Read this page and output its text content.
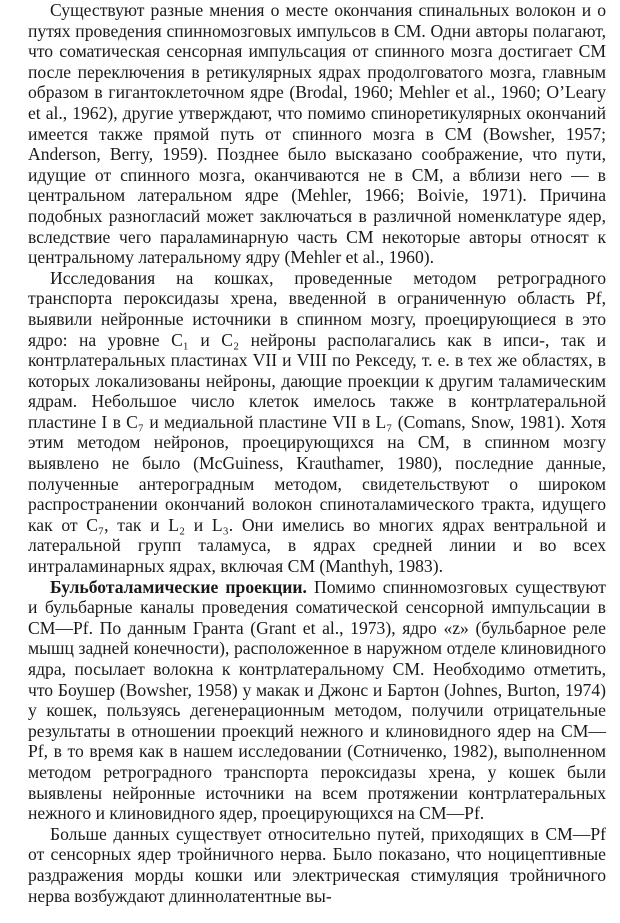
Существуют разные мнения о месте окончания спинальных волокон и о путях проведения спинномозговых импульсов в СМ. Одни авторы полагают, что соматическая сенсорная импульсация от спинного мозга достигает СМ после переключения в ретикулярных ядрах продолговатого мозга, главным образом в гигантоклеточном ядре (Brodal, 1960; Mehler et al., 1960; O’Leary et al., 1962), другие утверждают, что помимо спиноретикулярных окончаний имеется также прямой путь от спинного мозга в СМ (Bowsher, 1957; Anderson, Berry, 1959). Позднее было высказано соображение, что пути, идущие от спинного мозга, оканчиваются не в СМ, а вблизи него — в центральном латеральном ядре (Mehler, 1966; Boivie, 1971). Причина подобных разногласий может заключаться в различной номенклатуре ядер, вследствие чего параламинарную часть СМ некоторые авторы относят к центральному латеральному ядру (Mehler et al., 1960).

Исследования на кошках, проведенные методом ретроградного транспорта пероксидазы хрена, введенной в ограниченную область Pf, выявили нейронные источники в спинном мозгу, проецирующиеся в это ядро: на уровне C₁ и C₂ нейроны располагались как в ипси-, так и контрлатеральных пластинах VII и VIII по Рекседу, т. е. в тех же областях, в которых локализованы нейроны, дающие проекции к другим таламическим ядрам. Небольшое число клеток имелось также в контрлатеральной пластине I в C₇ и медиальной пластине VII в L₇ (Comans, Snow, 1981). Хотя этим методом нейронов, проецирующихся на СМ, в спинном мозгу выявлено не было (McGuiness, Krauthamer, 1980), последние данные, полученные антероградным методом, свидетельствуют о широком распространении окончаний волокон спиноталамического тракта, идущего как от C₇, так и L₂ и L₃. Они имелись во многих ядрах вентральной и латеральной групп таламуса, в ядрах средней линии и во всех интраламинарных ядрах, включая СМ (Manthyh, 1983).

Бульботаламические проекции. Помимо спинномозговых существуют и бульбарные каналы проведения соматической сенсорной импульсации в СМ—Pf. По данным Гранта (Grant et al., 1973), ядро «z» (бульбарное реле мышц задней конечности), расположенное в наружном отделе клиновидного ядра, посылает волокна к контрлатеральному СМ. Необходимо отметить, что Боушер (Bowsher, 1958) у макак и Джонс и Бартон (Johnes, Burton, 1974) у кошек, пользуясь дегенерационным методом, получили отрицательные результаты в отношении проекций нежного и клиновидного ядер на СМ—Pf, в то время как в нашем исследовании (Сотниченко, 1982), выполненном методом ретроградного транспорта пероксидазы хрена, у кошек были выявлены нейронные источники на всем протяжении контрлатеральных нежного и клиновидного ядер, проецирующихся на СМ—Pf.

Больше данных существует относительно путей, приходящих в СМ—Pf от сенсорных ядер тройничного нерва. Было показано, что ноцицептивные раздражения морды кошки или электрическая стимуляция тройничного нерва возбуждают длиннолатентные вы-
